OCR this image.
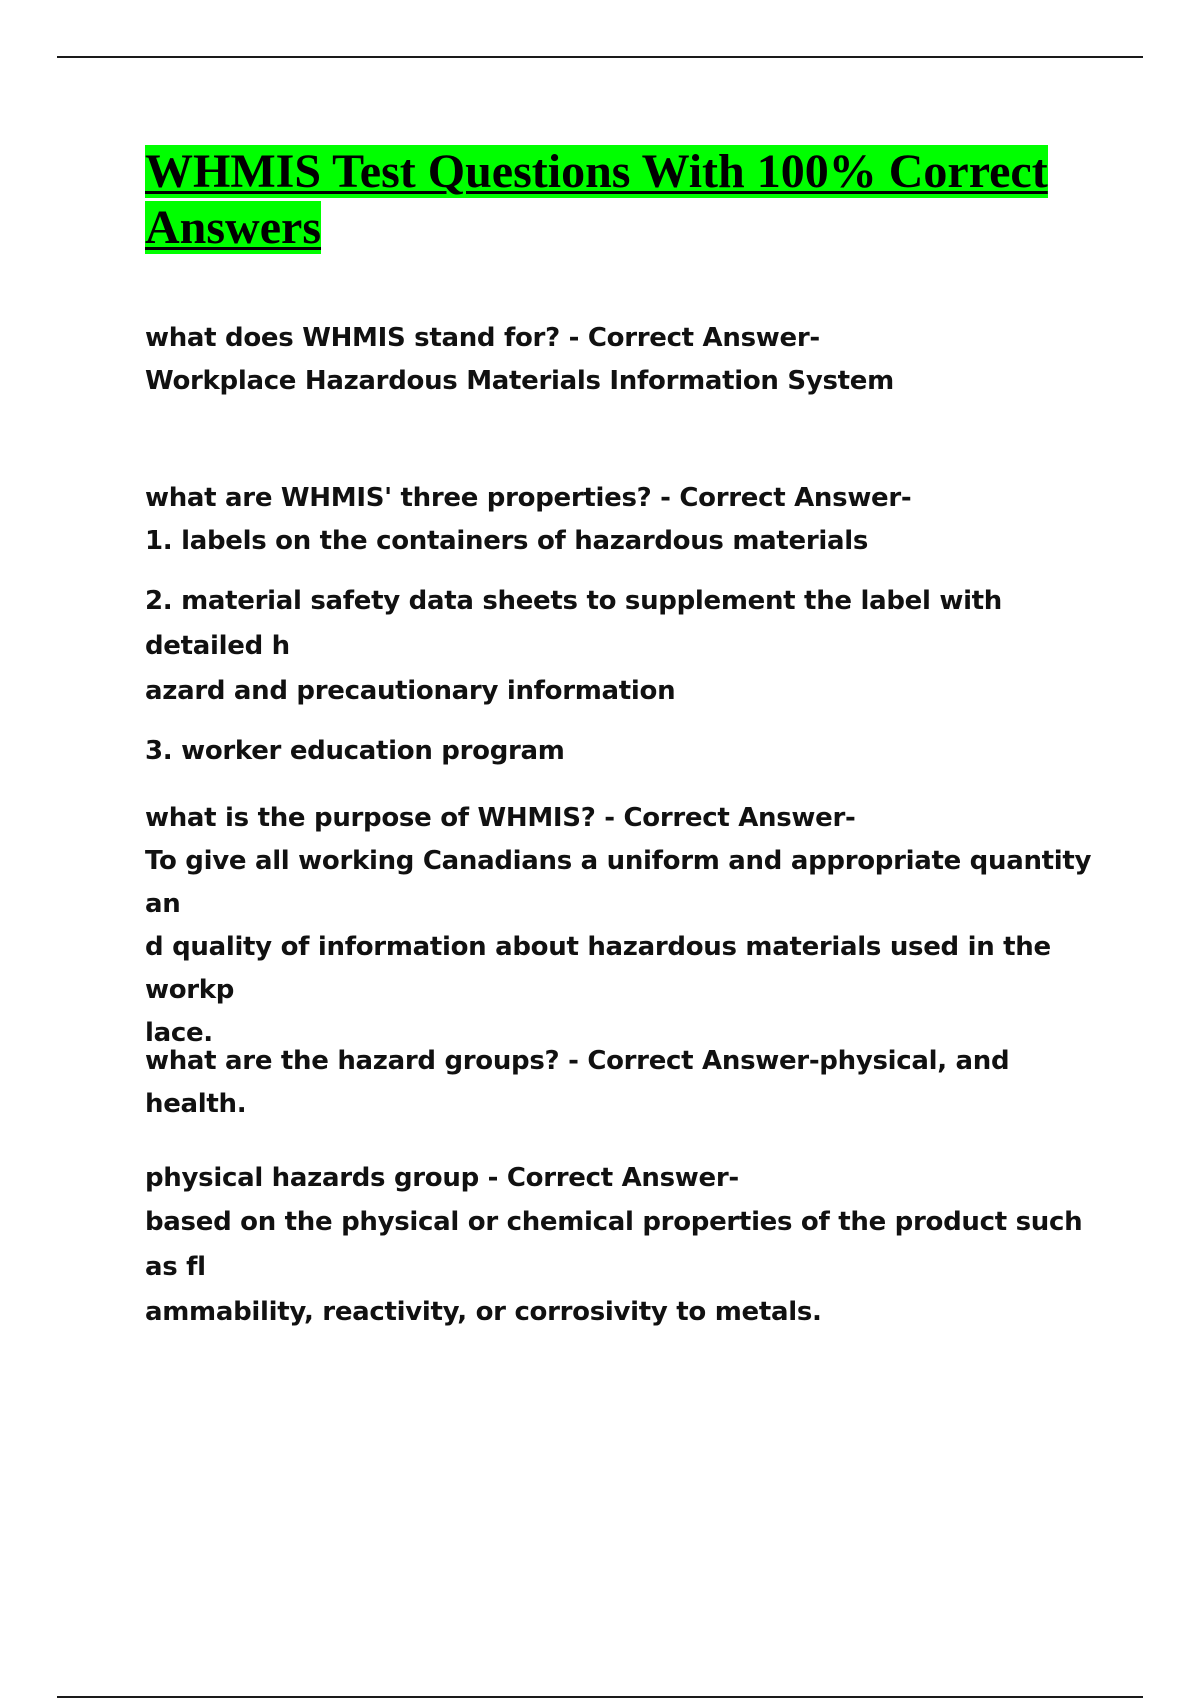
WHMIS Test Questions With 100% Correct Answers

what does WHMIS stand for? - Correct Answer-

Workplace Hazardous Materials Information System

what are WHMIS' three properties? - Correct Answer-

1. labels on the containers of hazardous materials

2. material safety data sheets to supplement the label with detailed h
azard and precautionary information

3. worker education program

what is the purpose of WHMIS? - Correct Answer-

To give all working Canadians a uniform and appropriate quantity an
d quality of information about hazardous materials used in the workp
lace.

what are the hazard groups? - Correct Answer-physical, and health.

physical hazards group - Correct Answer-

based on the physical or chemical properties of the product such as fl
ammability, reactivity, or corrosivity to metals.
